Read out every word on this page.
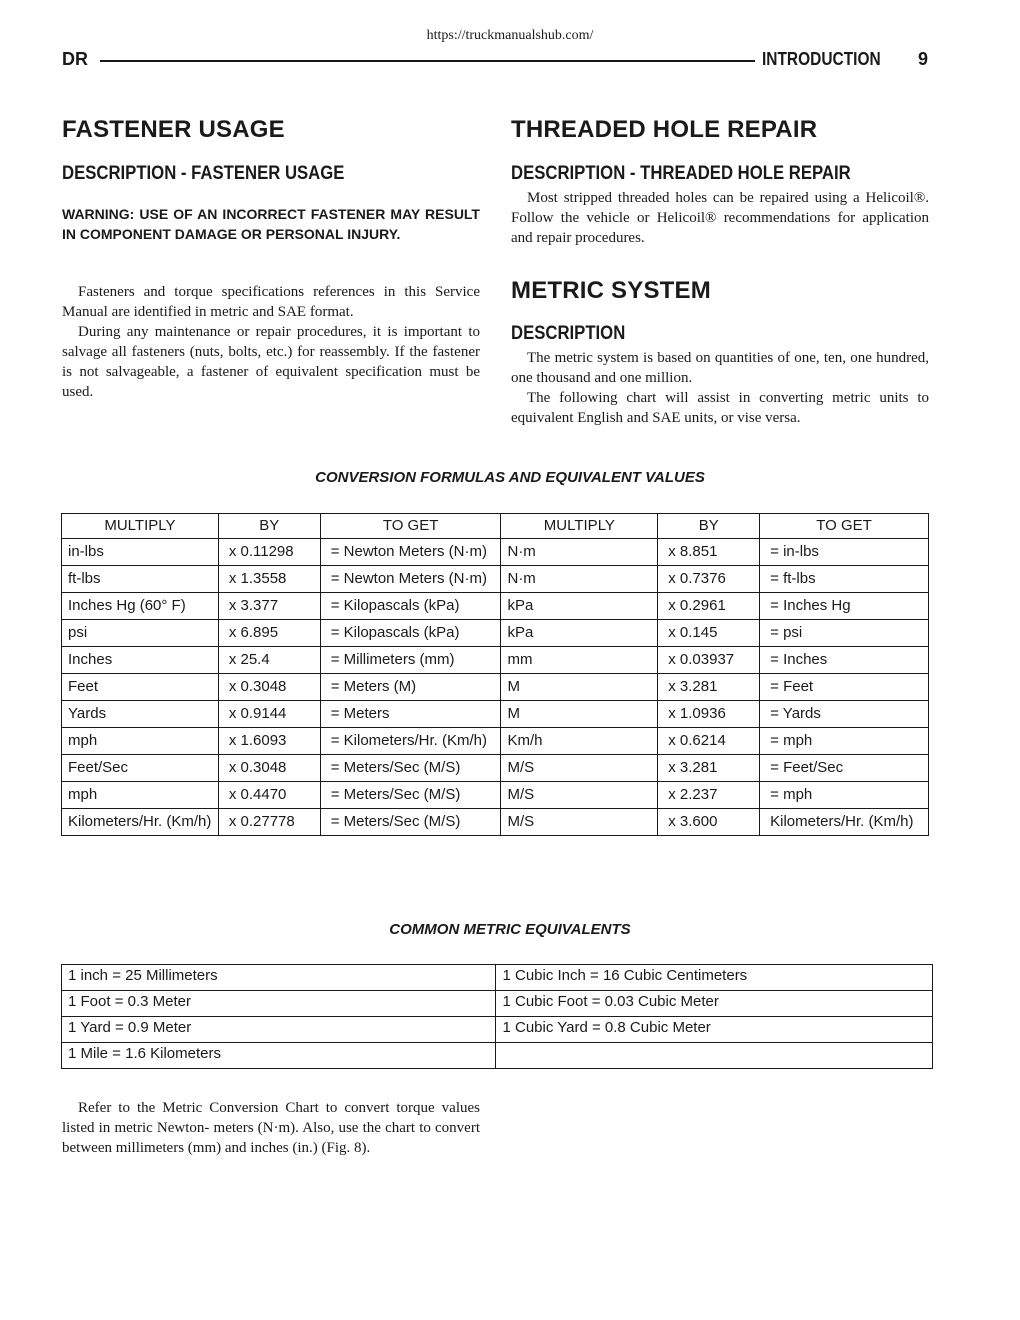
https://truckmanualshub.com/
DR	INTRODUCTION 9
FASTENER USAGE
DESCRIPTION - FASTENER USAGE
WARNING: USE OF AN INCORRECT FASTENER MAY RESULT IN COMPONENT DAMAGE OR PERSONAL INJURY.

Fasteners and torque specifications references in this Service Manual are identified in metric and SAE format.

During any maintenance or repair procedures, it is important to salvage all fasteners (nuts, bolts, etc.) for reassembly. If the fastener is not salvageable, a fastener of equivalent specification must be used.

THREADED HOLE REPAIR
DESCRIPTION - THREADED HOLE REPAIR

Most stripped threaded holes can be repaired using a Helicoil®. Follow the vehicle or Helicoil® recommendations for application and repair procedures.

METRIC SYSTEM
DESCRIPTION

The metric system is based on quantities of one, ten, one hundred, one thousand and one million.

The following chart will assist in converting metric units to equivalent English and SAE units, or vise versa.

CONVERSION FORMULAS AND EQUIVALENT VALUES
MULTIPLY	BY	TO GET	MULTIPLY	BY	TO GET
in-lbs	x 0.11298	= Newton Meters (N·m)	N·m	x 8.851	= in-lbs
ft-lbs	x 1.3558	= Newton Meters (N·m)	N·m	x 0.7376	= ft-lbs
Inches Hg (60° F)	x 3.377	= Kilopascals (kPa)	kPa	x 0.2961	= Inches Hg
psi	x 6.895	= Kilopascals (kPa)	kPa	x 0.145	= psi
Inches	x 25.4	= Millimeters (mm)	mm	x 0.03937	= Inches
Feet	x 0.3048	= Meters (M)	M	x 3.281	= Feet
Yards	x 0.9144	= Meters	M	x 1.0936	= Yards
mph	x 1.6093	= Kilometers/Hr. (Km/h)	Km/h	x 0.6214	= mph
Feet/Sec	x 0.3048	= Meters/Sec (M/S)	M/S	x 3.281	= Feet/Sec
mph	x 0.4470	= Meters/Sec (M/S)	M/S	x 2.237	= mph
Kilometers/Hr. (Km/h)	x 0.27778	= Meters/Sec (M/S)	M/S	x 3.600	Kilometers/Hr. (Km/h)
COMMON METRIC EQUIVALENTS
1 inch = 25 Millimeters	1 Cubic Inch = 16 Cubic Centimeters
1 Foot = 0.3 Meter	1 Cubic Foot = 0.03 Cubic Meter
1 Yard = 0.9 Meter	1 Cubic Yard = 0.8 Cubic Meter
1 Mile = 1.6 Kilometers	

Refer to the Metric Conversion Chart to convert torque values listed in metric Newton- meters (N·m). Also, use the chart to convert between millimeters (mm) and inches (in.) (Fig. 8).
